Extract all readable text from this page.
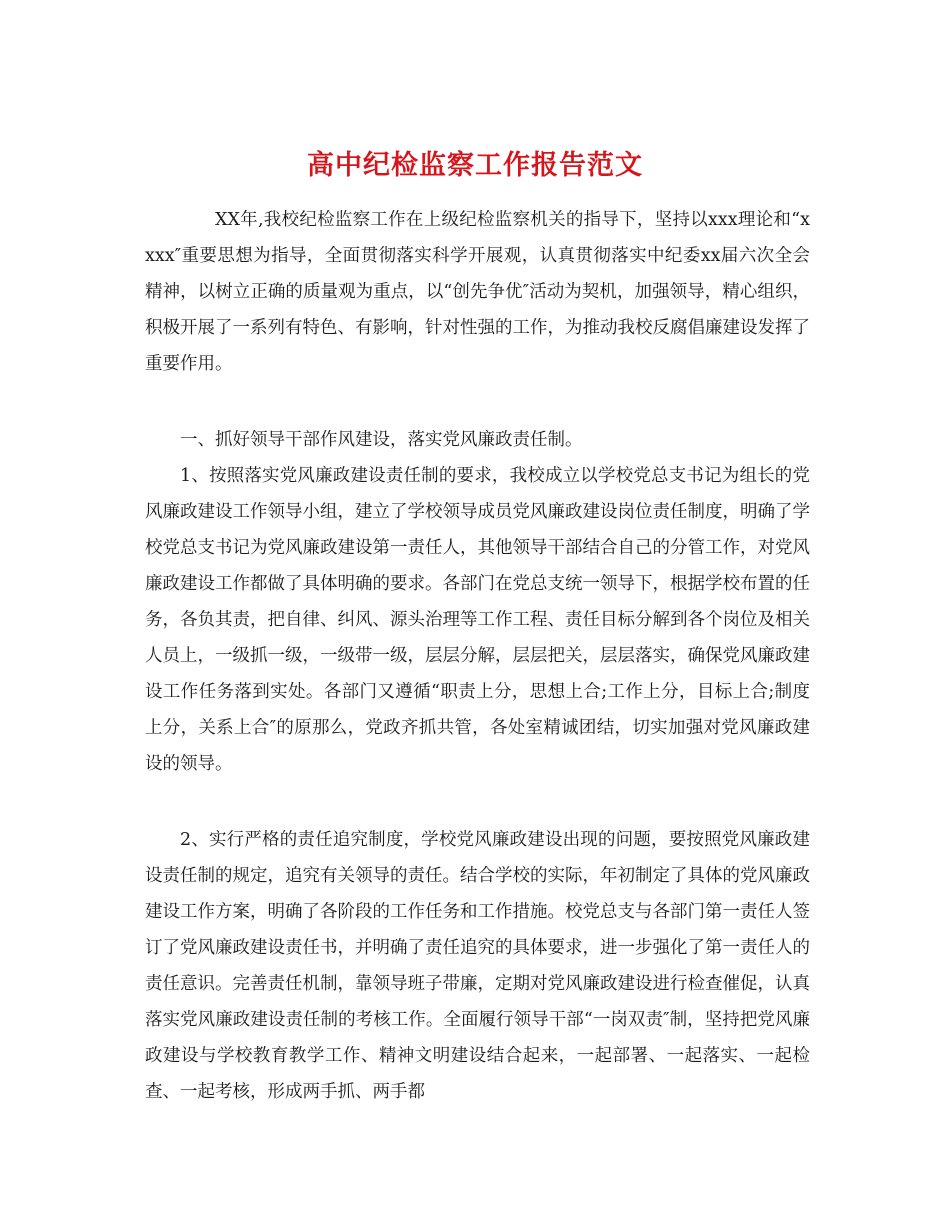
高中纪检监察工作报告范文

XX年,我校纪检监察工作在上级纪检监察机关的指导下，坚持以xxx理论和“xxxx″重要思想为指导，全面贯彻落实科学开展观，认真贯彻落实中纪委xx届六次全会精神，以树立正确的质量观为重点，以“创先争优″活动为契机，加强领导，精心组织，积极开展了一系列有特色、有影响，针对性强的工作，为推动我校反腐倡廉建设发挥了重要作用。

一、抓好领导干部作风建设，落实党风廉政责任制。

1、按照落实党风廉政建设责任制的要求，我校成立以学校党总支书记为组长的党风廉政建设工作领导小组，建立了学校领导成员党风廉政建设岗位责任制度，明确了学校党总支书记为党风廉政建设第一责任人，其他领导干部结合自己的分管工作，对党风廉政建设工作都做了具体明确的要求。各部门在党总支统一领导下，根据学校布置的任务，各负其责，把自律、纠风、源头治理等工作工程、责任目标分解到各个岗位及相关人员上，一级抓一级，一级带一级，层层分解，层层把关，层层落实，确保党风廉政建设工作任务落到实处。各部门又遵循“职责上分，思想上合;工作上分，目标上合;制度上分，关系上合″的原那么，党政齐抓共管，各处室精诚团结，切实加强对党风廉政建设的领导。

2、实行严格的责任追究制度，学校党风廉政建设出现的问题，要按照党风廉政建设责任制的规定，追究有关领导的责任。结合学校的实际，年初制定了具体的党风廉政建设工作方案，明确了各阶段的工作任务和工作措施。校党总支与各部门第一责任人签订了党风廉政建设责任书，并明确了责任追究的具体要求，进一步强化了第一责任人的责任意识。完善责任机制，靠领导班子带廉，定期对党风廉政建设进行检查催促，认真落实党风廉政建设责任制的考核工作。全面履行领导干部“一岗双责″制，坚持把党风廉政建设与学校教育教学工作、精神文明建设结合起来，一起部署、一起落实、一起检查、一起考核，形成两手抓、两手都
